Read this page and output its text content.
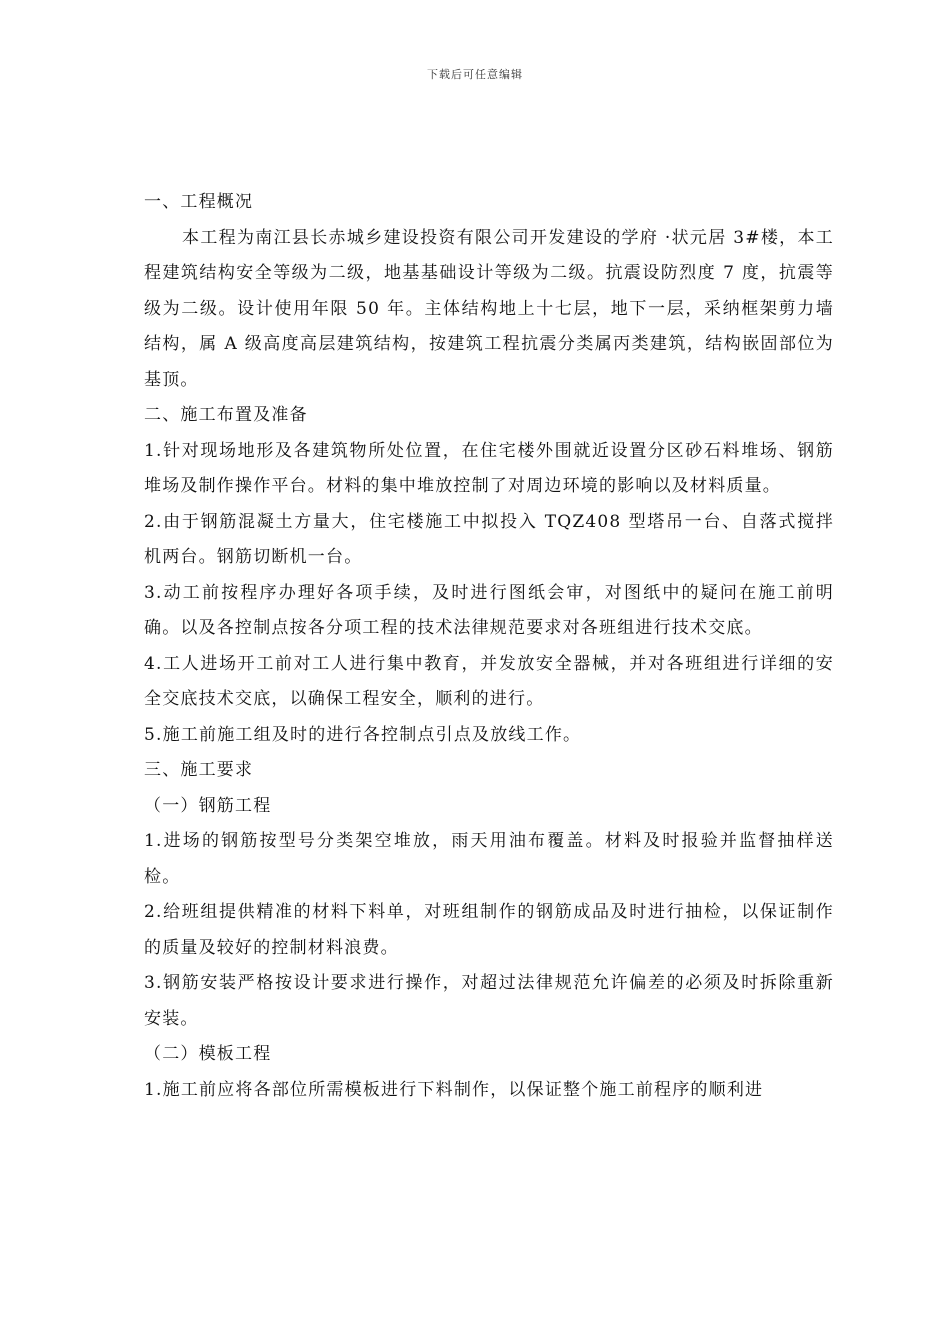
下载后可任意编辑

一、工程概况

本工程为南江县长赤城乡建设投资有限公司开发建设的学府 ·状元居 3#楼，本工程建筑结构安全等级为二级，地基基础设计等级为二级。抗震设防烈度 7 度，抗震等级为二级。设计使用年限 50 年。主体结构地上十七层，地下一层，采纳框架剪力墙结构，属 A 级高度高层建筑结构，按建筑工程抗震分类属丙类建筑，结构嵌固部位为基顶。

二、施工布置及准备

1.针对现场地形及各建筑物所处位置，在住宅楼外围就近设置分区砂石料堆场、钢筋堆场及制作操作平台。材料的集中堆放控制了对周边环境的影响以及材料质量。

2.由于钢筋混凝土方量大，住宅楼施工中拟投入 TQZ408 型塔吊一台、自落式搅拌机两台。钢筋切断机一台。

3.动工前按程序办理好各项手续，及时进行图纸会审，对图纸中的疑问在施工前明确。以及各控制点按各分项工程的技术法律规范要求对各班组进行技术交底。

4.工人进场开工前对工人进行集中教育，并发放安全器械，并对各班组进行详细的安全交底技术交底，以确保工程安全，顺利的进行。

5.施工前施工组及时的进行各控制点引点及放线工作。

三、施工要求

（一）钢筋工程

1.进场的钢筋按型号分类架空堆放，雨天用油布覆盖。材料及时报验并监督抽样送检。

2.给班组提供精准的材料下料单，对班组制作的钢筋成品及时进行抽检，以保证制作的质量及较好的控制材料浪费。

3.钢筋安装严格按设计要求进行操作，对超过法律规范允许偏差的必须及时拆除重新安装。

（二）模板工程

1.施工前应将各部位所需模板进行下料制作，以保证整个施工前程序的顺利进
